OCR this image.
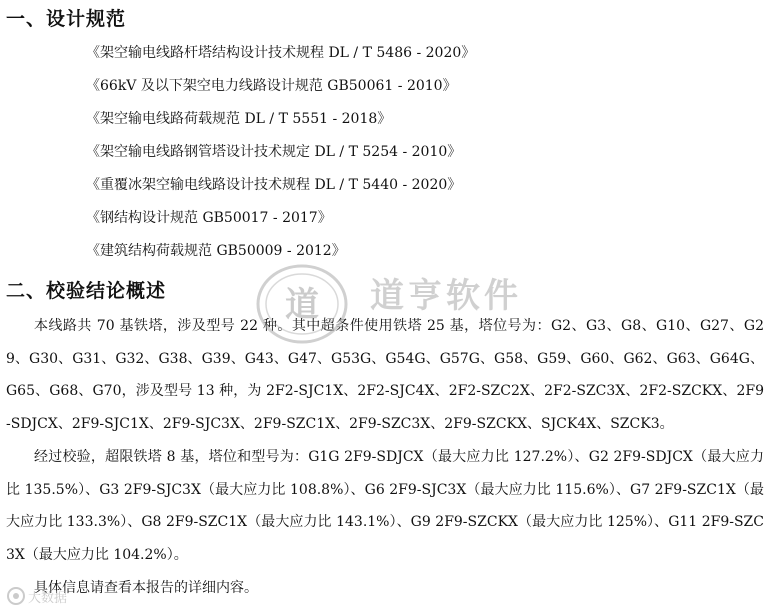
一、设计规范
《架空输电线路杆塔结构设计技术规程 DL / T 5486 - 2020》
《66kV 及以下架空电力线路设计规范 GB50061 - 2010》
《架空输电线路荷载规范 DL / T 5551 - 2018》
《架空输电线路钢管塔设计技术规定 DL / T 5254 - 2010》
《重覆冰架空输电线路设计技术规程 DL / T 5440 - 2020》
《钢结构设计规范 GB50017 - 2017》
《建筑结构荷载规范 GB50009 - 2012》
二、校验结论概述

本线路共 70 基铁塔，涉及型号 22 种。其中超条件使用铁塔 25 基，塔位号为：G2、G3、G8、G10、G27、G29、G30、G31、G32、G38、G39、G43、G47、G53G、G54G、G57G、G58、G59、G60、G62、G63、G64G、G65、G68、G70，涉及型号 13 种，为 2F2-SJC1X、2F2-SJC4X、2F2-SZC2X、2F2-SZC3X、2F2-SZCKX、2F9-SDJCX、2F9-SJC1X、2F9-SJC3X、2F9-SZC1X、2F9-SZC3X、2F9-SZCKX、SJCK4X、SZCK3。

经过校验，超限铁塔 8 基，塔位和型号为：G1G 2F9-SDJCX（最大应力比 127.2%）、G2 2F9-SDJCX（最大应力比 135.5%）、G3 2F9-SJC3X（最大应力比 108.8%）、G6 2F9-SJC3X（最大应力比 115.6%）、G7 2F9-SZC1X（最大应力比 133.3%）、G8 2F9-SZC1X（最大应力比 143.1%）、G9 2F9-SZCKX（最大应力比 125%）、G11 2F9-SZC3X（最大应力比 104.2%）。

具体信息请查看本报告的详细内容。

道 道亨软件
大数据
